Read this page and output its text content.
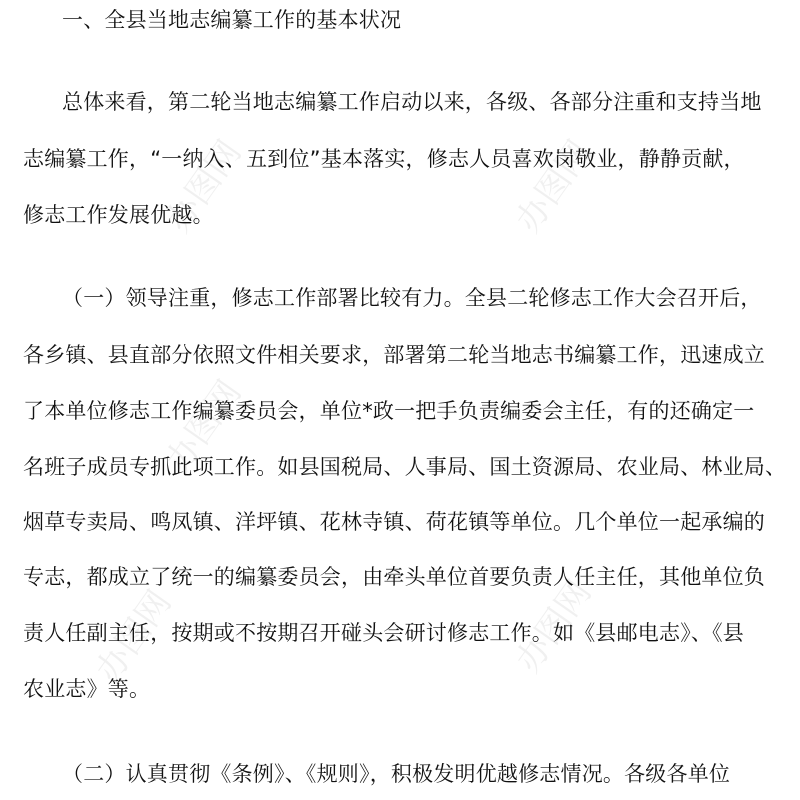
办图网	办图网
办图网
办图网
办图网
一、全县当地志编纂工作的基本状况
总体来看，第二轮当地志编纂工作启动以来，各级、各部分注重和支持当地
志编纂工作，“一纳入、五到位”基本落实，修志人员喜欢岗敬业，静静贡献，
修志工作发展优越。
（一）领导注重，修志工作部署比较有力。全县二轮修志工作大会召开后，
各乡镇、县直部分依照文件相关要求，部署第二轮当地志书编纂工作，迅速成立
了本单位修志工作编纂委员会，单位*政一把手负责编委会主任，有的还确定一
名班子成员专抓此项工作。如县国税局、人事局、国土资源局、农业局、林业局、
烟草专卖局、鸣凤镇、洋坪镇、花林寺镇、荷花镇等单位。几个单位一起承编的
专志，都成立了统一的编纂委员会，由牵头单位首要负责人任主任，其他单位负
责人任副主任，按期或不按期召开碰头会研讨修志工作。如《县邮电志》、《县
农业志》等。
（二）认真贯彻《条例》、《规则》，积极发明优越修志情况。各级各单位
